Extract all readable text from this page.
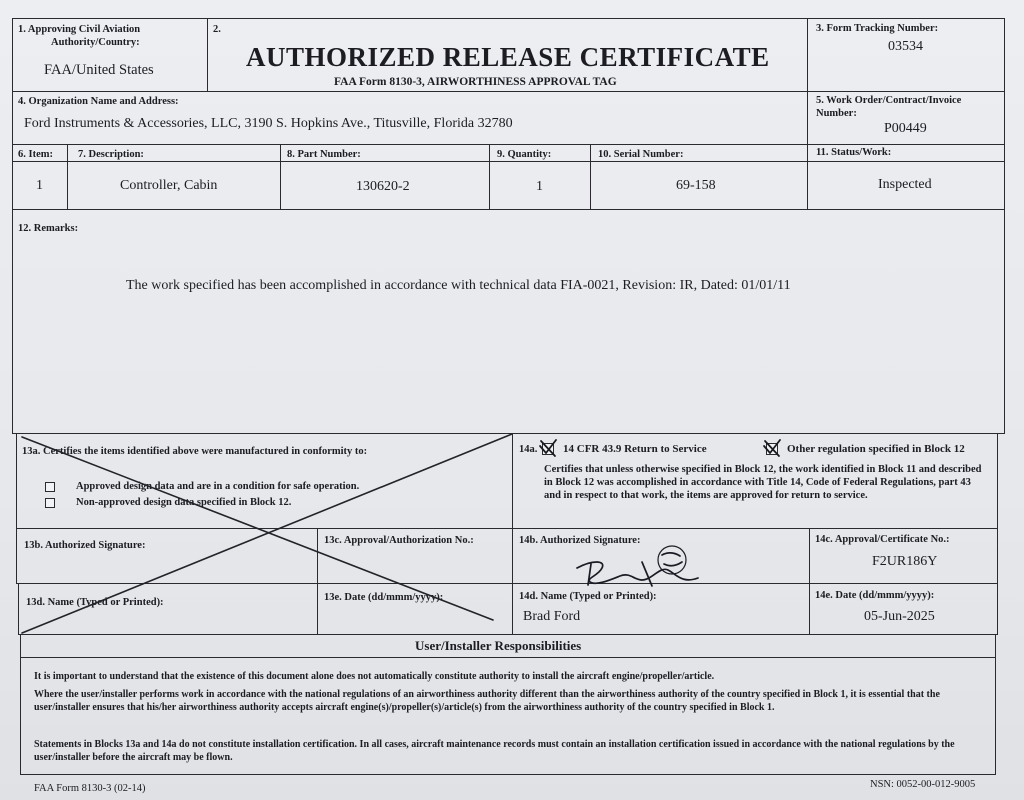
1. Approving Civil Aviation
Authority/Country:
FAA/United States
2.
AUTHORIZED RELEASE CERTIFICATE
FAA Form 8130-3, AIRWORTHINESS APPROVAL TAG
3. Form Tracking Number:
03534
4. Organization Name and Address:
Ford Instruments & Accessories, LLC, 3190 S. Hopkins Ave., Titusville, Florida 32780
5. Work Order/Contract/Invoice
Number:
P00449
6. Item: 7. Description:	8. Part Number:	9. Quantity:	10. Serial Number:	11. Status/Work:
1	Controller, Cabin	130620-2	1	69-158	Inspected
12. Remarks:
The work specified has been accomplished in accordance with technical data FIA-0021, Revision: IR, Dated: 01/01/11
13a. Certifies the items identified above were manufactured in conformity to:
Approved design data and are in a condition for safe operation.
Non-approved design data specified in Block 12.
14a. 14 CFR 43.9 Return to Service	Other regulation specified in Block 12
Certifies that unless otherwise specified in Block 12, the work identified in Block 11 and described in Block 12 was accomplished in accordance with Title 14, Code of Federal Regulations, part 43 and in respect to that work, the items are approved for return to service.
13b. Authorized Signature:	13c. Approval/Authorization No.:	14b. Authorized Signature:	14c. Approval/Certificate No.:
F2UR186Y
13d. Name (Typed or Printed):	13e. Date (dd/mmm/yyyy):	14d. Name (Typed or Printed):
Brad Ford
14e. Date (dd/mmm/yyyy):
05-Jun-2025
User/Installer Responsibilities
It is important to understand that the existence of this document alone does not automatically constitute authority to install the aircraft engine/propeller/article.
Where the user/installer performs work in accordance with the national regulations of an airworthiness authority different than the airworthiness authority of the country specified in Block 1, it is essential that the user/installer ensures that his/her airworthiness authority accepts aircraft engine(s)/propeller(s)/article(s) from the airworthiness authority of the country specified in Block 1.
Statements in Blocks 13a and 14a do not constitute installation certification. In all cases, aircraft maintenance records must contain an installation certification issued in accordance with the national regulations by the user/installer before the aircraft may be flown.
FAA Form 8130-3 (02-14)	NSN: 0052-00-012-9005
